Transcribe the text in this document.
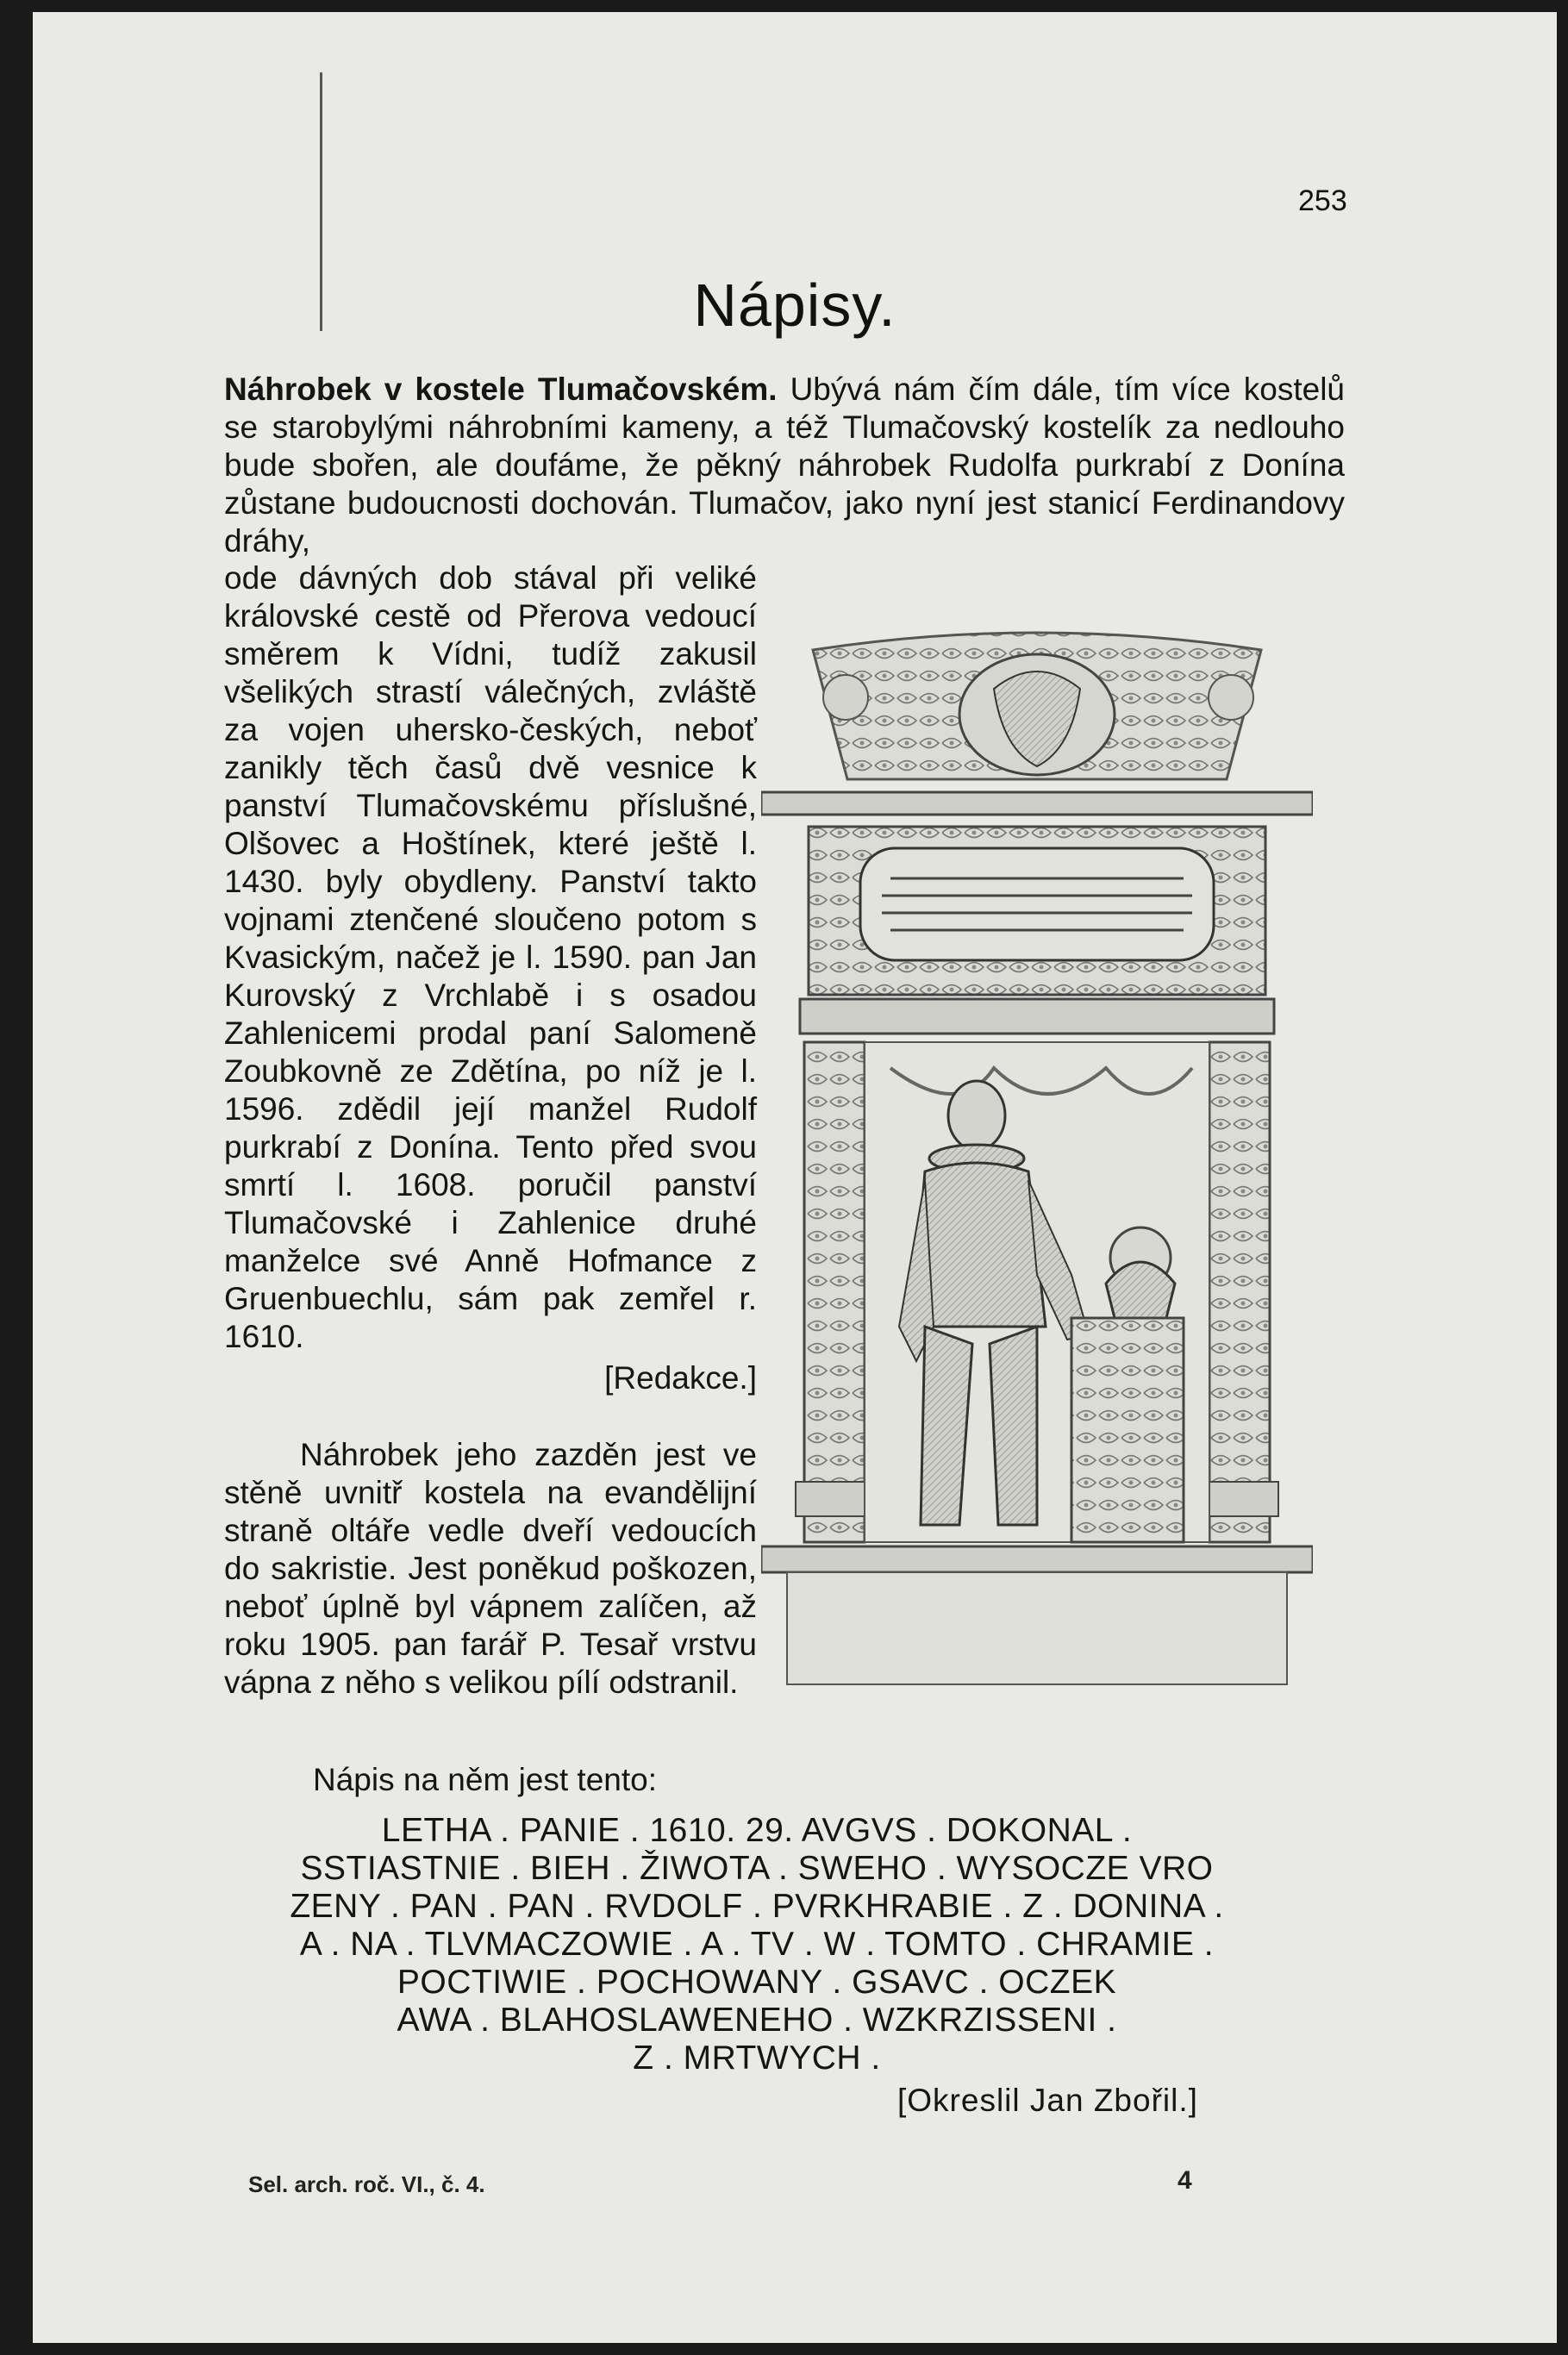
253
Nápisy.
Náhrobek v kostele Tlumačovském. Ubývá nám čím dále, tím více kostelů se starobylými náhrobními kameny, a též Tlumačovský kostelík za nedlouho bude sbořen, ale doufáme, že pěkný náhrobek Rudolfa purkrabí z Donína zůstane budoucnosti dochován. Tlumačov, jako nyní jest stanicí Ferdinandovy dráhy,

ode dávných dob stával při veliké královské cestě od Přerova vedoucí směrem k Vídni, tudíž zakusil všelikých strastí válečných, zvláště za vojen uhersko-českých, neboť zanikly těch časů dvě vesnice k panství Tlumačovskému příslušné, Olšovec a Hoštínek, které ještě l. 1430. byly obydleny. Panství takto vojnami ztenčené sloučeno potom s Kvasickým, načež je l. 1590. pan Jan Kurovský z Vrchlabě i s osadou Zahlenicemi prodal paní Salomeně Zoubkovně ze Zdětína, po níž je l. 1596. zdědil její manžel Rudolf purkrabí z Donína. Tento před svou smrtí l. 1608. poručil panství Tlumačovské i Zahlenice druhé manželce své Anně Hofmance z Gruenbuechlu, sám pak zemřel r. 1610.

[Redakce.]

Náhrobek jeho zazděn jest ve stěně uvnitř kostela na evandělijní straně oltáře vedle dveří vedoucích do sakristie. Jest poněkud poškozen, neboť úplně byl vápnem zalíčen, až roku 1905. pan farář P. Tesař vrstvu vápna z něho s velikou pílí odstranil.

Nápis na něm jest tento:
LETHA . PANIE . 1610. 29. AVGVS . DOKONAL .
SSTIASTNIE . BIEH . ŽIWOTA . SWEHO . WYSOCZE VRO
ZENY . PAN . PAN . RVDOLF . PVRKHRABIE . Z . DONINA .
A . NA . TLVMACZOWIE . A . TV . W . TOMTO . CHRAMIE .
POCTIWIE . POCHOWANY . GSAVC . OCZEK
AWA . BLAHOSLAWENEHO . WZKRZISSENI .
Z . MRTWYCH .
[Okreslil Jan Zbořil.]
Sel. arch. roč. VI., č. 4.	4
